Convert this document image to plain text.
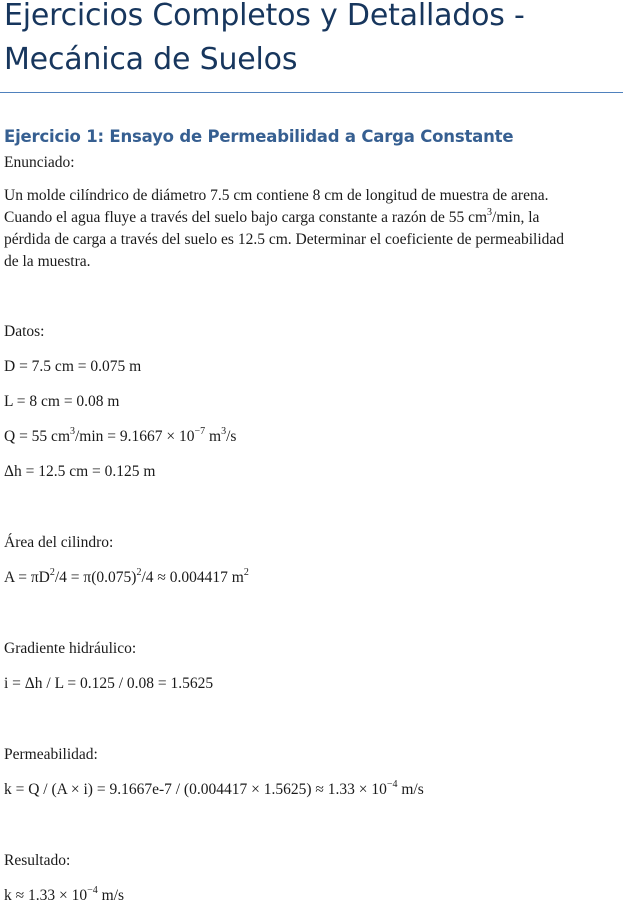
Ejercicios Completos y Detallados -
Mecánica de Suelos
Ejercicio 1: Ensayo de Permeabilidad a Carga Constante

Enunciado:

Un molde cilíndrico de diámetro 7.5 cm contiene 8 cm de longitud de muestra de arena.
Cuando el agua fluye a través del suelo bajo carga constante a razón de 55 $cm^3/\min$, la
pérdida de carga a través del suelo es 12.5 cm. Determinar el coeficiente de permeabilidad
de la muestra.

Datos:

D = 7.5 cm = 0.075 m

L = 8 cm = 0.08 m

Q = 55 $cm^3/\min = 9.1667 \times 10^{-7}$ $m^3/s$

Δh = 12.5 cm = 0.125 m

Área del cilindro:

$A = \pi D^2/4 = \pi(0.075)^2/4 \approx 0.004417$ $m^2$

Gradiente hidráulico:

i = Δh / L = 0.125 / 0.08 = 1.5625

Permeabilidad:

$k = Q / (A \times i) = 9.1667e-7 / (0.004417 \times 1.5625) \approx 1.33 \times 10^{-4}$ m/s

Resultado:

$k \approx 1.33 \times 10^{-4}$ m/s
